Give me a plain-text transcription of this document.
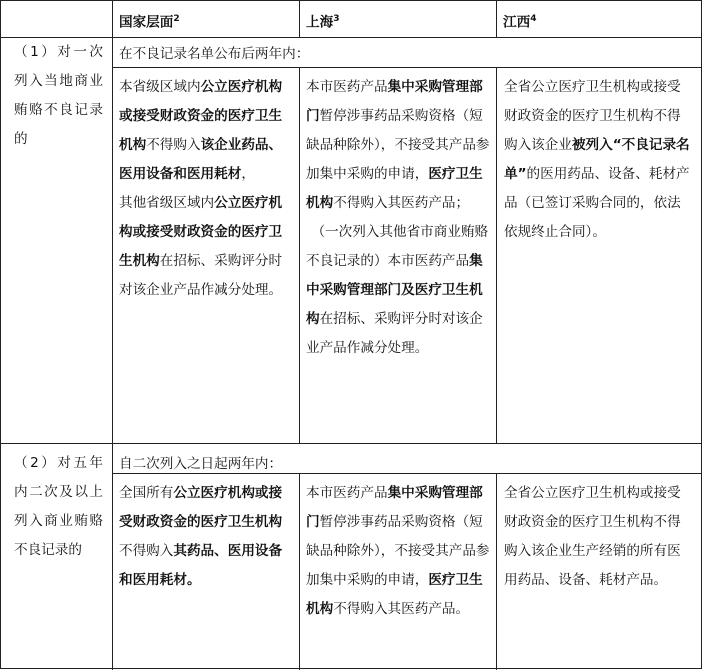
国家层面$^2$	上海$^3$	江西$^4$
（1）对一次列入当地商业贿赂不良记录的
在不良记录名单公布后两年内：

本省级区域内公立医疗机构或接受财政资金的医疗卫生机构不得购入该企业药品、医用设备和医用耗材，

其他省级区域内公立医疗机构或接受财政资金的医疗卫生机构在招标、采购评分时对该企业产品作减分处理。

本市医药产品集中采购管理部门暂停涉事药品采购资格（短缺品种除外），不接受其产品参加集中采购的申请，医疗卫生机构不得购入其医药产品；

（一次列入其他省市商业贿赂不良记录的）本市医药产品集中采购管理部门及医疗卫生机构在招标、采购评分时对该企业产品作减分处理。

全省公立医疗卫生机构或接受财政资金的医疗卫生机构不得购入该企业被列入“不良记录名单”的医用药品、设备、耗材产品（已签订采购合同的，依法依规终止合同）。

（2）对五年内二次及以上列入商业贿赂不良记录的
自二次列入之日起两年内：

全国所有公立医疗机构或接受财政资金的医疗卫生机构不得购入其药品、医用设备和医用耗材。

本市医药产品集中采购管理部门暂停涉事药品采购资格（短缺品种除外），不接受其产品参加集中采购的申请，医疗卫生机构不得购入其医药产品。

全省公立医疗卫生机构或接受财政资金的医疗卫生机构不得购入该企业生产经销的所有医用药品、设备、耗材产品。
